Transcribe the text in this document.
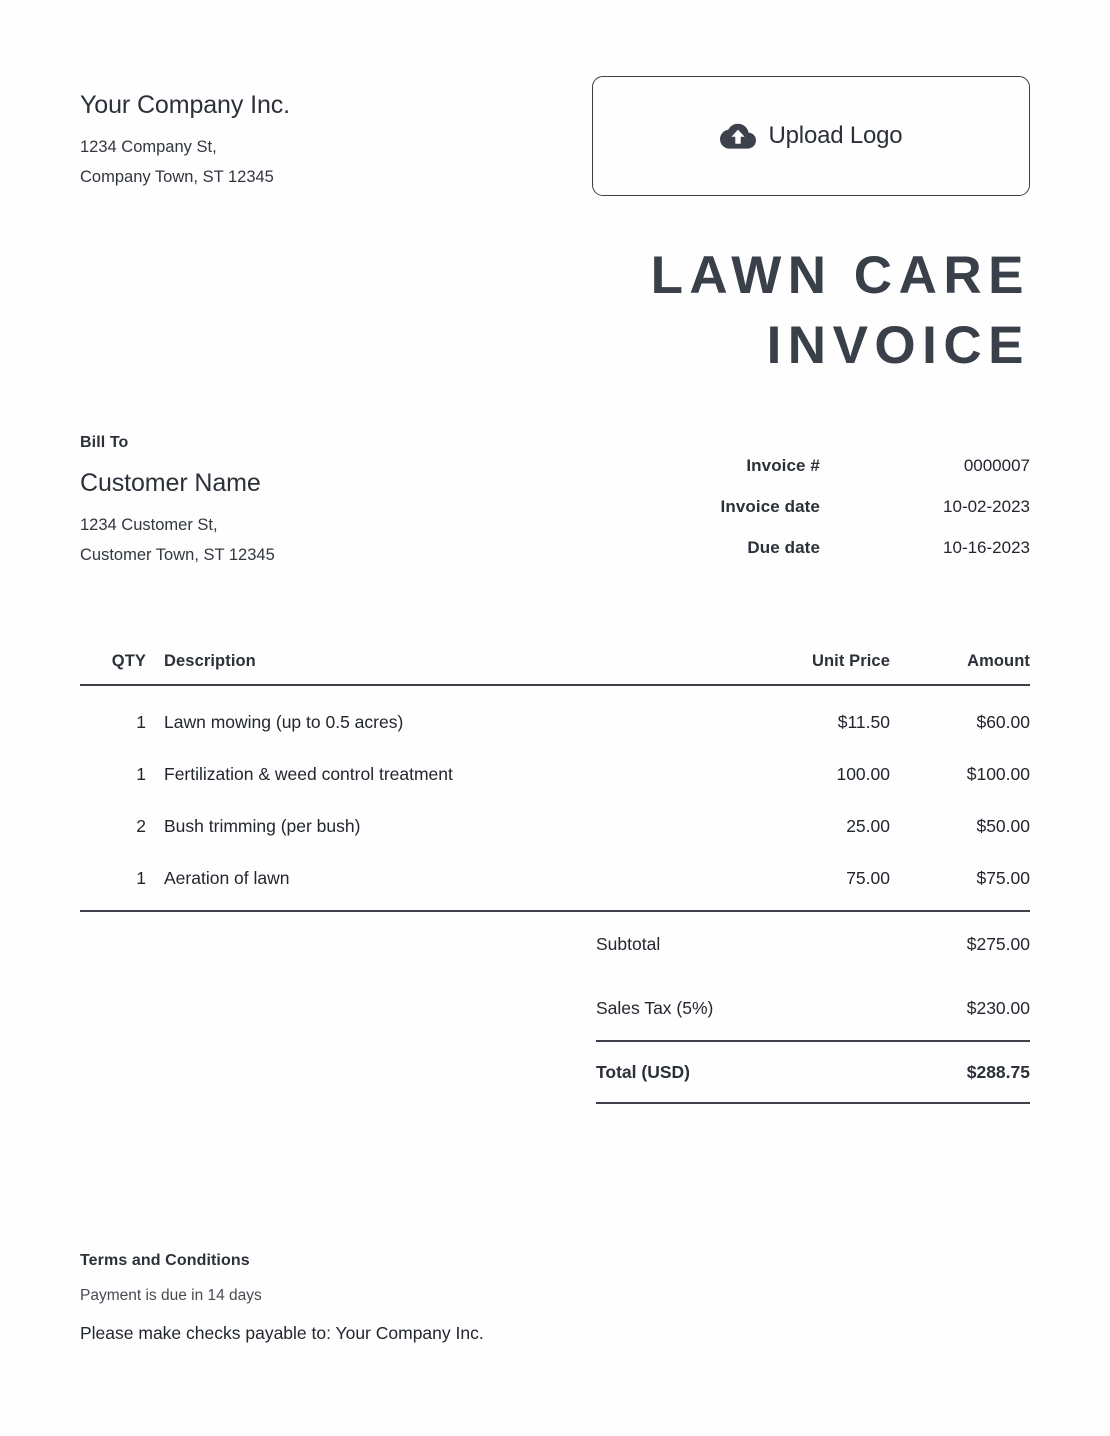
Your Company Inc.
1234 Company St,
Company Town, ST 12345
Upload Logo
LAWN CARE
INVOICE
Bill To
Customer Name
1234 Customer St,
Customer Town, ST 12345
Invoice #	0000007
Invoice date	10-02-2023
Due date	10-16-2023
QTY	Description	Unit Price	Amount
1	Lawn mowing (up to 0.5 acres)	$11.50	$60.00
1	Fertilization & weed control treatment	100.00	$100.00
2	Bush trimming (per bush)	25.00	$50.00
1	Aeration of lawn	75.00	$75.00
Subtotal	$275.00
Sales Tax (5%)	$230.00
Total (USD)	$288.75
Terms and Conditions
Payment is due in 14 days
Please make checks payable to: Your Company Inc.
